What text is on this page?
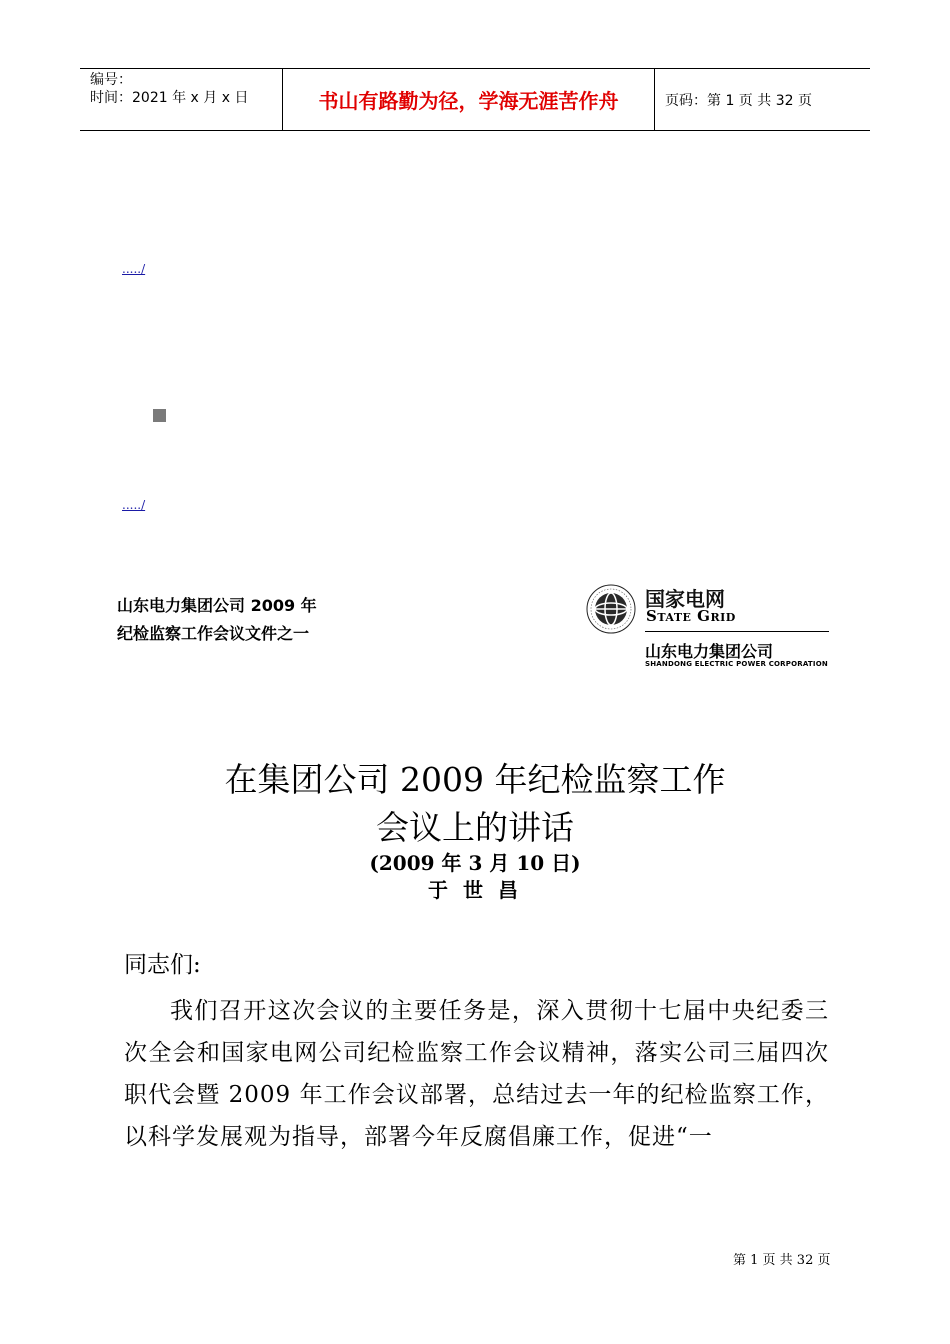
编号：
时间：2021 年 x 月 x 日	书山有路勤为径，学海无涯苦作舟	页码：第 1 页 共 32 页
...../
...../
山东电力集团公司 2009 年
纪检监察工作会议文件之一
国家电网
State Grid
山东电力集团公司
SHANDONG ELECTRIC POWER CORPORATION
在集团公司 2009 年纪检监察工作
会议上的讲话
(2009 年 3 月 10 日)
于 世 昌
同志们:
我们召开这次会议的主要任务是，深入贯彻十七届中央纪委三次全会和国家电网公司纪检监察工作会议精神，落实公司三届四次职代会暨 2009 年工作会议部署，总结过去一年的纪检监察工作，以科学发展观为指导，部署今年反腐倡廉工作，促进“一
第 1 页 共 32 页
